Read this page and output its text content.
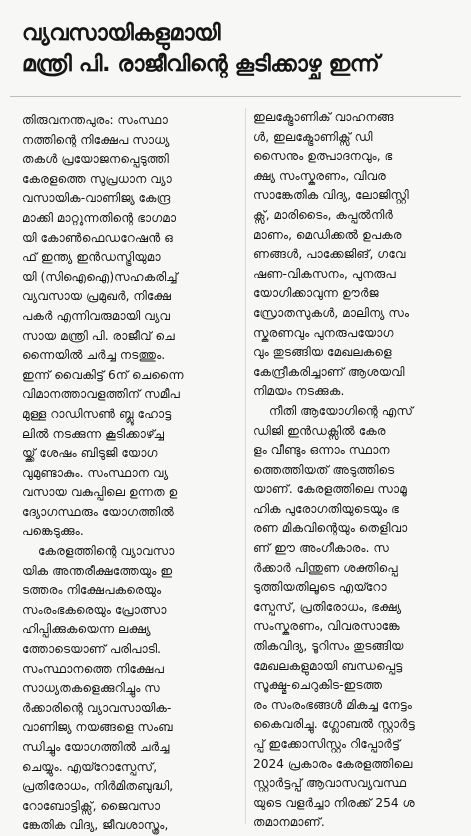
വ്യവസായികളുമായി
മന്ത്രി പി. രാജീവിന്റെ കൂടിക്കാഴ്ച ഇന്ന്
തിരുവനന്തപുരം: സംസ്ഥാ
നത്തിന്റെ നിക്ഷേപ സാധ്യ
തകൾ പ്രയോജനപ്പെടുത്തി
കേരളത്തെ സുപ്രധാന വ്യാ
വസായിക-വാണിജ്യ കേന്ദ്ര
മാക്കി മാറ്റുന്നതിന്റെ ഭാഗമാ
യി കോൺഫെഡറേഷൻ ഒ
ഫ് ഇന്ത്യ ഇൻഡസ്ട്രിയുമാ
യി (സിഐഐ)സഹകരിച്ച്
വ്യവസായ പ്രമുഖർ, നിക്ഷേ
പകർ എന്നിവരുമായി വ്യവ
സായ മന്ത്രി പി. രാജീവ് ചെ
ന്നൈയിൽ ചർച്ച നടത്തും.
ഇന്ന് വൈകിട്ട് 6ന് ചെന്നൈ
വിമാനത്താവളത്തിന് സമീപ
മുള്ള റാഡിസൺ ബ്ലൂ ഹോട്ട
ലിൽ നടക്കുന്ന കൂടിക്കാഴ്ച്ച
യ്ക്ക് ശേഷം ബിടുജി യോഗ
വുമുണ്ടാകും. സംസ്ഥാന വ്യ
വസായ വകുപ്പിലെ ഉന്നത ഉ
ദ്യോഗസ്ഥരും യോഗത്തിൽ
പങ്കെടുക്കും.
കേരളത്തിന്റെ വ്യാവസാ
യിക അന്തരീക്ഷത്തേയും ഇ
ടത്തരം നിക്ഷേപകരെയും
സംരംഭകരെയും പ്രോത്സാ
ഹിപ്പിക്കുകയെന്ന ലക്ഷ്യ
ത്തോടെയാണ് പരിപാടി.
സംസ്ഥാനത്തെ നിക്ഷേപ
സാധ്യതകളെക്കുറിച്ചും സ
ർക്കാരിന്റെ വ്യാവസായിക-
വാണിജ്യ നയങ്ങളെ സംബ
ന്ധിച്ചും യോഗത്തിൽ ചർച്ച
ചെയ്യും. എയ്റോസ്പേസ്,
പ്രതിരോധം, നിർമിതബുദ്ധി,
റോബോട്ടിക്സ്, ജൈവസാ
ങ്കേതിക വിദ്യ, ജീവശാസ്ത്രം,
ഇലക്ട്രോണിക് വാഹനങ്ങ
ൾ, ഇലക്ട്രോണിക്സ് ഡി
സൈനും ഉത്പാദനവും, ഭ
ക്ഷ്യ സംസ്കരണം, വിവര
സാങ്കേതിക വിദ്യ, ലോജിസ്റ്റി
ക്സ്, മാരിടൈം, കപ്പൽനിർ
മാണം, മെഡിക്കൽ ഉപകര
ണങ്ങൾ, പാക്കേജിങ്, ഗവേ
ഷണ-വികസനം, പുനരുപ
യോഗിക്കാവുന്ന ഊർജ
സ്രോതസുകൾ, മാലിന്യ സം
സ്കരണവും പുനരുപയോഗ
വും തുടങ്ങിയ മേഖലകളെ
കേന്ദ്രീകരിച്ചാണ് ആശയവി
നിമയം നടക്കുക.
നീതി ആയോഗിന്റെ എസ്
ഡിജി ഇൻഡക്സിൽ കേര
ളം വീണ്ടും ഒന്നാം സ്ഥാന
ത്തെത്തിയത് അടുത്തിടെ
യാണ്. കേരളത്തിലെ സാമൂ
ഹിക പുരോഗതിയുടെയും ഭ
രണ മികവിന്റെയും തെളിവാ
ണ് ഈ അംഗീകാരം. സ
ർക്കാർ പിന്തുണ ശക്തിപ്പെ
ടുത്തിയതിലൂടെ എയ്റോ
സ്പേസ്, പ്രതിരോധം, ഭക്ഷ്യ
സംസ്കരണം, വിവരസാങ്കേ
തികവിദ്യ, ടൂറിസം തുടങ്ങിയ
മേഖലകളുമായി ബന്ധപ്പെട്ട
സൂക്ഷ്മ-ചെറുകിട-ഇടത്ത
രം സംരംഭങ്ങൾ മികച്ച നേട്ടം
കൈവരിച്ചു. ഗ്ലോബൽ സ്റ്റാർട്ട
പ്പ് ഇക്കോസിസ്റ്റം റിപ്പോർട്ട്
2024 പ്രകാരം കേരളത്തിലെ
സ്റ്റാർട്ടപ്പ് ആവാസവ്യവസ്ഥ
യുടെ വളർച്ചാ നിരക്ക് 254 ശ
തമാനമാണ്.
